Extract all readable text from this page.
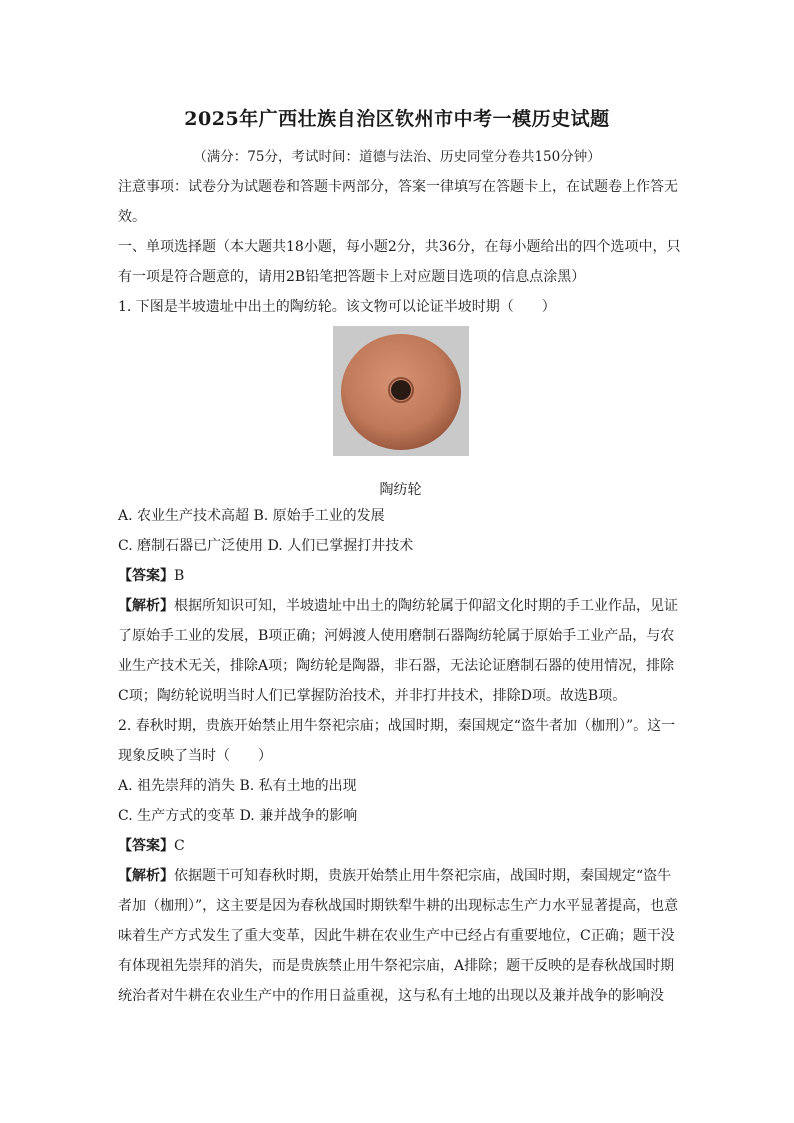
2025年广西壮族自治区钦州市中考一模历史试题
（满分：75分，考试时间：道德与法治、历史同堂分卷共150分钟）

注意事项：试卷分为试题卷和答题卡两部分，答案一律填写在答题卡上，在试题卷上作答无效。

一、单项选择题（本大题共18小题，每小题2分，共36分，在每小题给出的四个选项中，只有一项是符合题意的，请用2B铅笔把答题卡上对应题目选项的信息点涂黑）

1. 下图是半坡遗址中出土的陶纺轮。该文物可以论证半坡时期（　　）

陶纺轮

A. 农业生产技术高超 B. 原始手工业的发展

C. 磨制石器已广泛使用 D. 人们已掌握打井技术

【答案】B

【解析】根据所知识可知，半坡遗址中出土的陶纺轮属于仰韶文化时期的手工业作品，见证了原始手工业的发展，B项正确；河姆渡人使用磨制石器陶纺轮属于原始手工业产品，与农业生产技术无关，排除A项；陶纺轮是陶器，非石器，无法论证磨制石器的使用情况，排除C项；陶纺轮说明当时人们已掌握防治技术，并非打井技术，排除D项。故选B项。

2. 春秋时期，贵族开始禁止用牛祭祀宗庙；战国时期，秦国规定“盗牛者加（枷刑）”。这一现象反映了当时（　　）

A. 祖先崇拜的消失 B. 私有土地的出现

C. 生产方式的变革 D. 兼并战争的影响

【答案】C

【解析】依据题干可知春秋时期，贵族开始禁止用牛祭祀宗庙，战国时期，秦国规定“盗牛者加（枷刑）”，这主要是因为春秋战国时期铁犁牛耕的出现标志生产力水平显著提高，也意味着生产方式发生了重大变革，因此牛耕在农业生产中已经占有重要地位，C正确；题干没有体现祖先崇拜的消失，而是贵族禁止用牛祭祀宗庙，A排除；题干反映的是春秋战国时期统治者对牛耕在农业生产中的作用日益重视，这与私有土地的出现以及兼并战争的影响没
